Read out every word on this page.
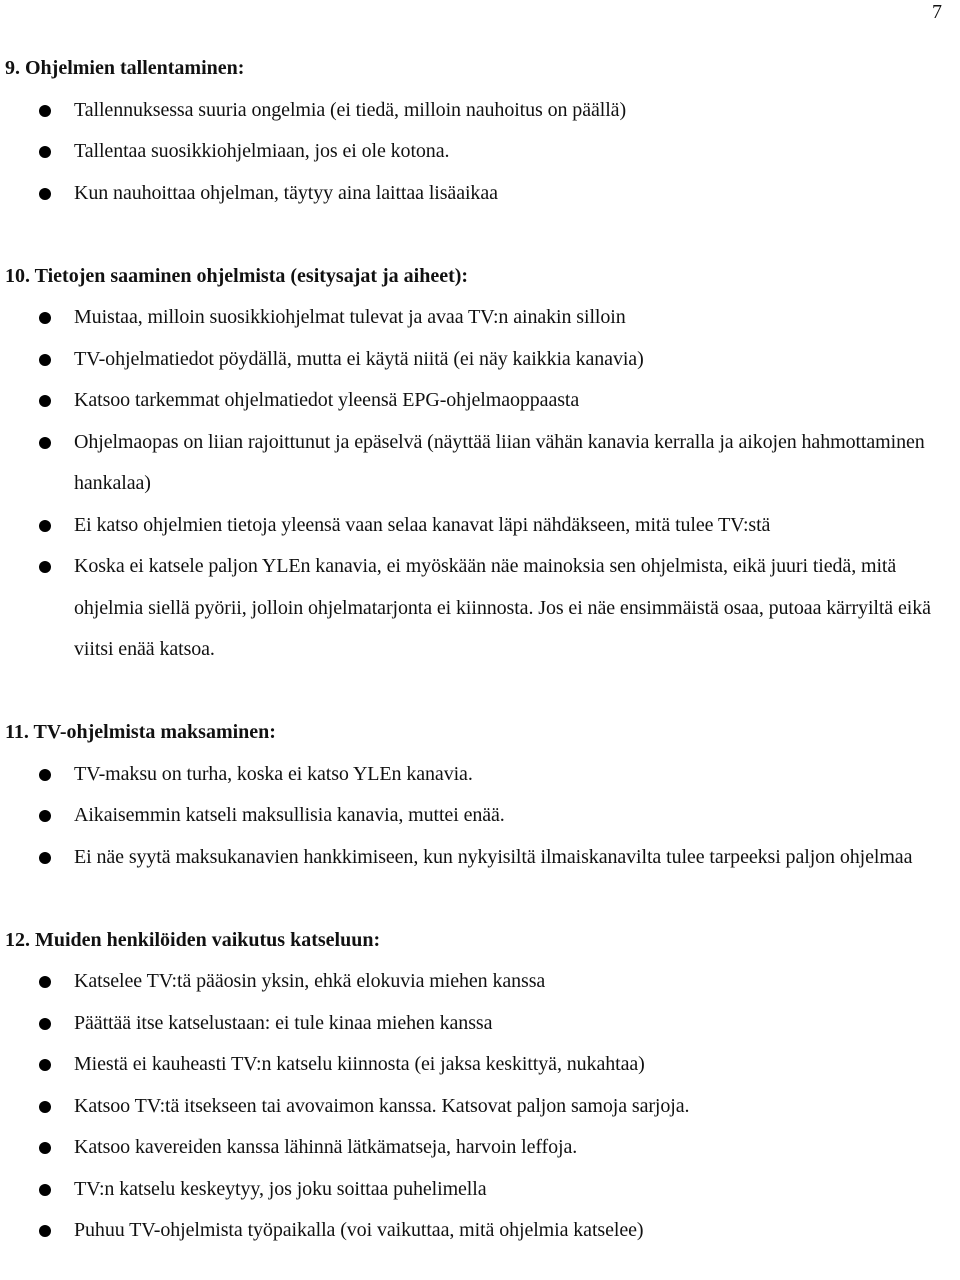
7
9. Ohjelmien tallentaminen:
Tallennuksessa suuria ongelmia (ei tiedä, milloin nauhoitus on päällä)
Tallentaa suosikkiohjelmiaan, jos ei ole kotona.
Kun nauhoittaa ohjelman, täytyy aina laittaa lisäaikaa
10. Tietojen saaminen ohjelmista (esitysajat ja aiheet):
Muistaa, milloin suosikkiohjelmat tulevat ja avaa TV:n ainakin silloin
TV-ohjelmatiedot pöydällä, mutta ei käytä niitä (ei näy kaikkia kanavia)
Katsoo tarkemmat ohjelmatiedot yleensä EPG-ohjelmaoppaasta
Ohjelmaopas on liian rajoittunut ja epäselvä (näyttää liian vähän kanavia kerralla ja aikojen hahmottaminen hankalaa)
Ei katso ohjelmien tietoja yleensä vaan selaa kanavat läpi nähdäkseen, mitä tulee TV:stä
Koska ei katsele paljon YLEn kanavia, ei myöskään näe mainoksia sen ohjelmista, eikä juuri tiedä, mitä ohjelmia siellä pyörii, jolloin ohjelmatarjonta ei kiinnosta. Jos ei näe ensimmäistä osaa, putoaa kärryiltä eikä viitsi enää katsoa.
11. TV-ohjelmista maksaminen:
TV-maksu on turha, koska ei katso YLEn kanavia.
Aikaisemmin katseli maksullisia kanavia, muttei enää.
Ei näe syytä maksukanavien hankkimiseen, kun nykyisiltä ilmaiskanavilta tulee tarpeeksi paljon ohjelmaa
12. Muiden henkilöiden vaikutus katseluun:
Katselee TV:tä pääosin yksin, ehkä elokuvia miehen kanssa
Päättää itse katselustaan: ei tule kinaa miehen kanssa
Miestä ei kauheasti TV:n katselu kiinnosta (ei jaksa keskittyä, nukahtaa)
Katsoo TV:tä itsekseen tai avovaimon kanssa. Katsovat paljon samoja sarjoja.
Katsoo kavereiden kanssa lähinnä lätkämatseja, harvoin leffoja.
TV:n katselu keskeytyy, jos joku soittaa puhelimella
Puhuu TV-ohjelmista työpaikalla (voi vaikuttaa, mitä ohjelmia katselee)
